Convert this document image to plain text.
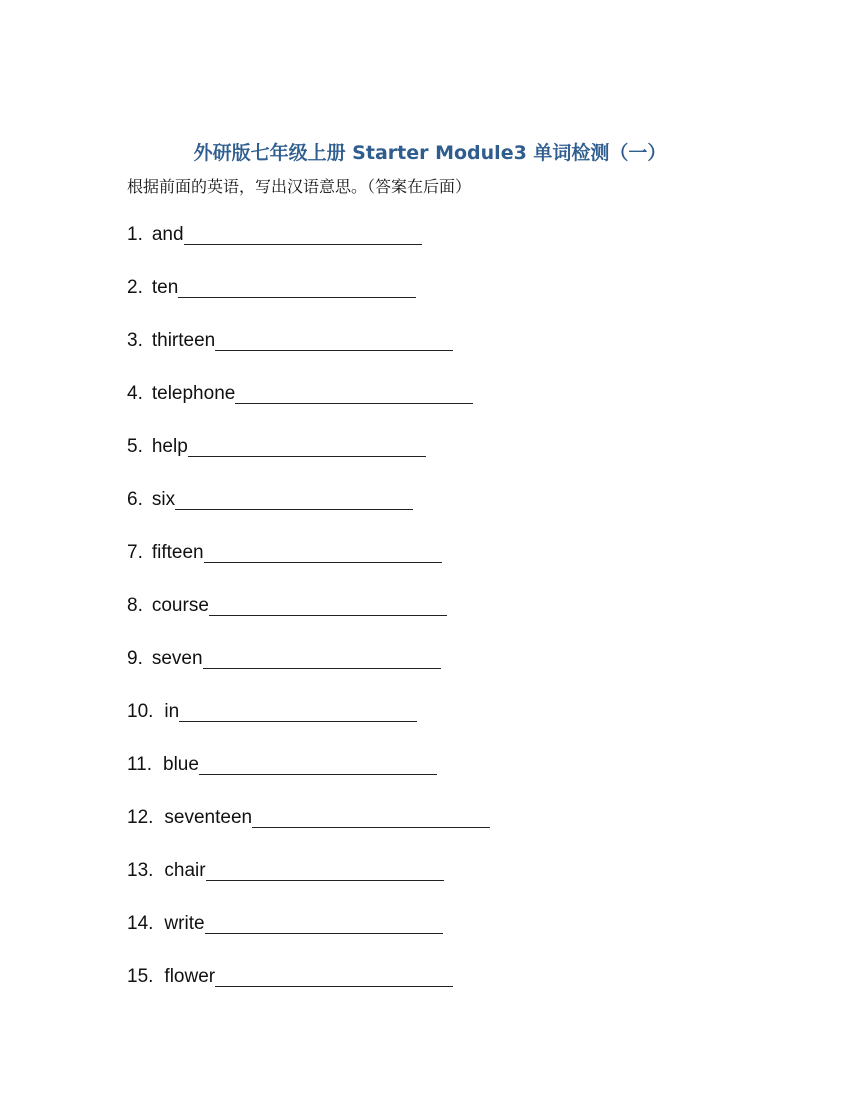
外研版七年级上册 Starter Module3 单词检测（一）

根据前面的英语，写出汉语意思。（答案在后面）

1. and
2. ten
3. thirteen
4. telephone
5. help
6. six
7. fifteen
8. course
9. seven
10. in
11. blue
12. seventeen
13. chair
14. write
15. flower
